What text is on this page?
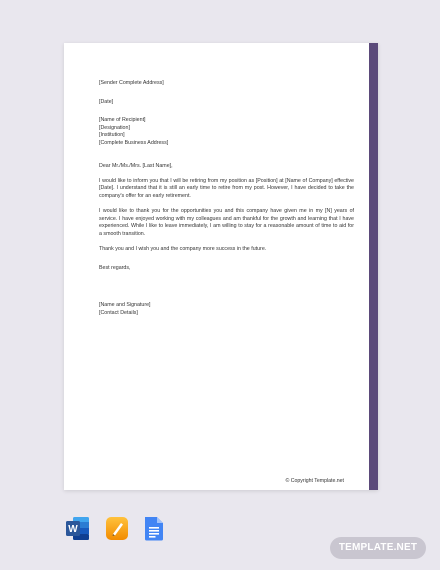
[Sender Complete Address]

[Date]

[Name of Recipient]

[Designation]

[Institution]

[Complete Business Address]

Dear Mr./Ms./Mrs. [Last Name],

I would like to inform you that I will be retiring from my position as [Position] at [Name of Company] effective [Date]. I understand that it is still an early time to retire from my post. However, I have decided to take the company's offer for an early retirement.

I would like to thank you for the opportunities you and this company have given me in my [N] years of service. I have enjoyed working with my colleagues and am thankful for the growth and learning that I have experienced. While I like to leave immediately, I am willing to stay for a reasonable amount of time to aid for a smooth transition.

Thank you and I wish you and the company more success in the future.

Best regards,

[Name and Signature]

[Contact Details]

© Copyright Template.net
W
TEMPLATE.NET
